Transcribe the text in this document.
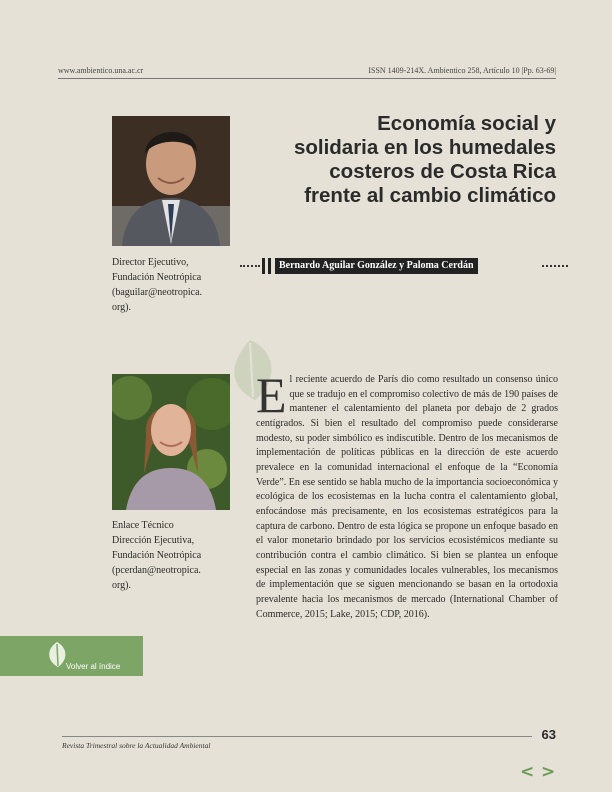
www.ambientico.una.ac.cr	ISSN 1409-214X. Ambientico 258, Artículo 10 |Pp. 63-69|
Economía social y
solidaria en los humedales
costeros de Costa Rica
frente al cambio climático
Director Ejecutivo,
Fundación Neotrópica
(baguilar@neotropica.
org).
Bernardo Aguilar González y Paloma Cerdán
Enlace Técnico
Dirección Ejecutiva,
Fundación Neotrópica
(pcerdan@neotropica.
org).
E l reciente acuerdo de París dio como resultado un consenso único que se tradujo en el compromiso colectivo de más de 190 países de mantener el calentamiento del planeta por debajo de 2 grados centígrados. Si bien el resultado del compromiso puede considerarse modesto, su poder simbólico es indiscutible. Dentro de los mecanismos de implementación de políticas públicas en la dirección de este acuerdo prevalece en la comunidad internacional el enfoque de la “Economía Verde”. En ese sentido se habla mucho de la importancia socioeconómica y ecológica de los ecosistemas en la lucha contra el calentamiento global, enfocándose más precisamente, en los ecosistemas estratégicos para la captura de carbono. Dentro de esta lógica se propone un enfoque basado en el valor monetario brindado por los servicios ecosistémicos mediante su contribución contra el cambio climático. Si bien se plantea un enfoque especial en las zonas y comunidades locales vulnerables, los mecanismos de implementación que se siguen mencionando se basan en la ortodoxia prevalente hacia los mecanismos de mercado (International Chamber of Commerce, 2015; Lake, 2015; CDP, 2016).

Volver al índice
63
Revista Trimestral sobre la Actualidad Ambiental
< >
